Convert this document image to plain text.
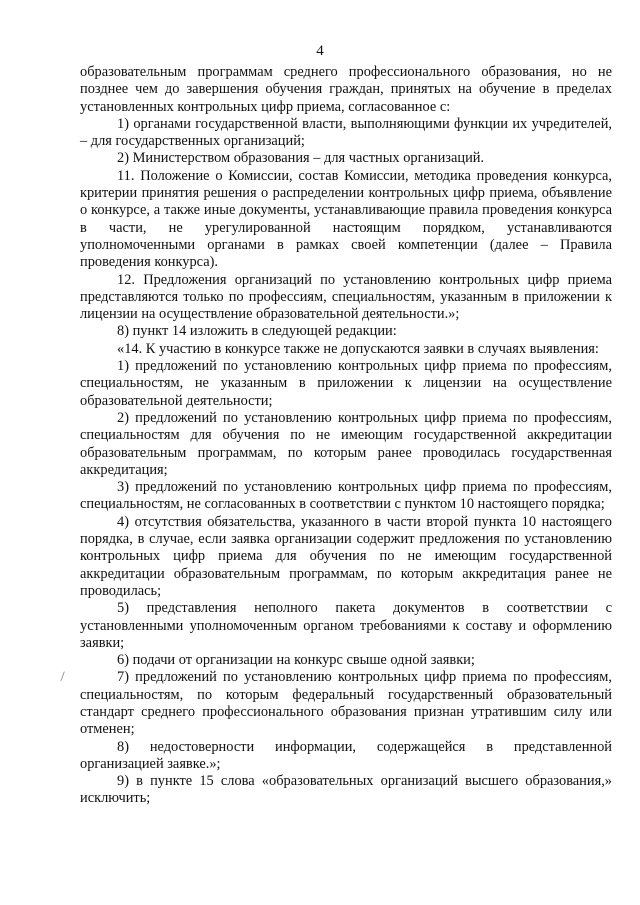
4

образовательным программам среднего профессионального образования, но не позднее чем до завершения обучения граждан, принятых на обучение в пределах установленных контрольных цифр приема, согласованное с:

1) органами государственной власти, выполняющими функции их учредителей, – для государственных организаций;

2) Министерством образования – для частных организаций.

11. Положение о Комиссии, состав Комиссии, методика проведения конкурса, критерии принятия решения о распределении контрольных цифр приема, объявление о конкурсе, а также иные документы, устанавливающие правила проведения конкурса в части, не урегулированной настоящим порядком, устанавливаются уполномоченными органами в рамках своей компетенции (далее – Правила проведения конкурса).

12. Предложения организаций по установлению контрольных цифр приема представляются только по профессиям, специальностям, указанным в приложении к лицензии на осуществление образовательной деятельности.»;

8) пункт 14 изложить в следующей редакции:

«14. К участию в конкурсе также не допускаются заявки в случаях выявления:

1) предложений по установлению контрольных цифр приема по профессиям, специальностям, не указанным в приложении к лицензии на осуществление образовательной деятельности;

2) предложений по установлению контрольных цифр приема по профессиям, специальностям для обучения по не имеющим государственной аккредитации образовательным программам, по которым ранее проводилась государственная аккредитация;

3) предложений по установлению контрольных цифр приема по профессиям, специальностям, не согласованных в соответствии с пунктом 10 настоящего порядка;

4) отсутствия обязательства, указанного в части второй пункта 10 настоящего порядка, в случае, если заявка организации содержит предложения по установлению контрольных цифр приема для обучения по не имеющим государственной аккредитации образовательным программам, по которым аккредитация ранее не проводилась;

5) представления неполного пакета документов в соответствии с установленными уполномоченным органом требованиями к составу и оформлению заявки;

6) подачи от организации на конкурс свыше одной заявки;

7) предложений по установлению контрольных цифр приема по профессиям, специальностям, по которым федеральный государственный образовательный стандарт среднего профессионального образования признан утратившим силу или отменен;

8) недостоверности информации, содержащейся в представленной организацией заявке.»;

9) в пункте 15 слова «образовательных организаций высшего образования,» исключить;
